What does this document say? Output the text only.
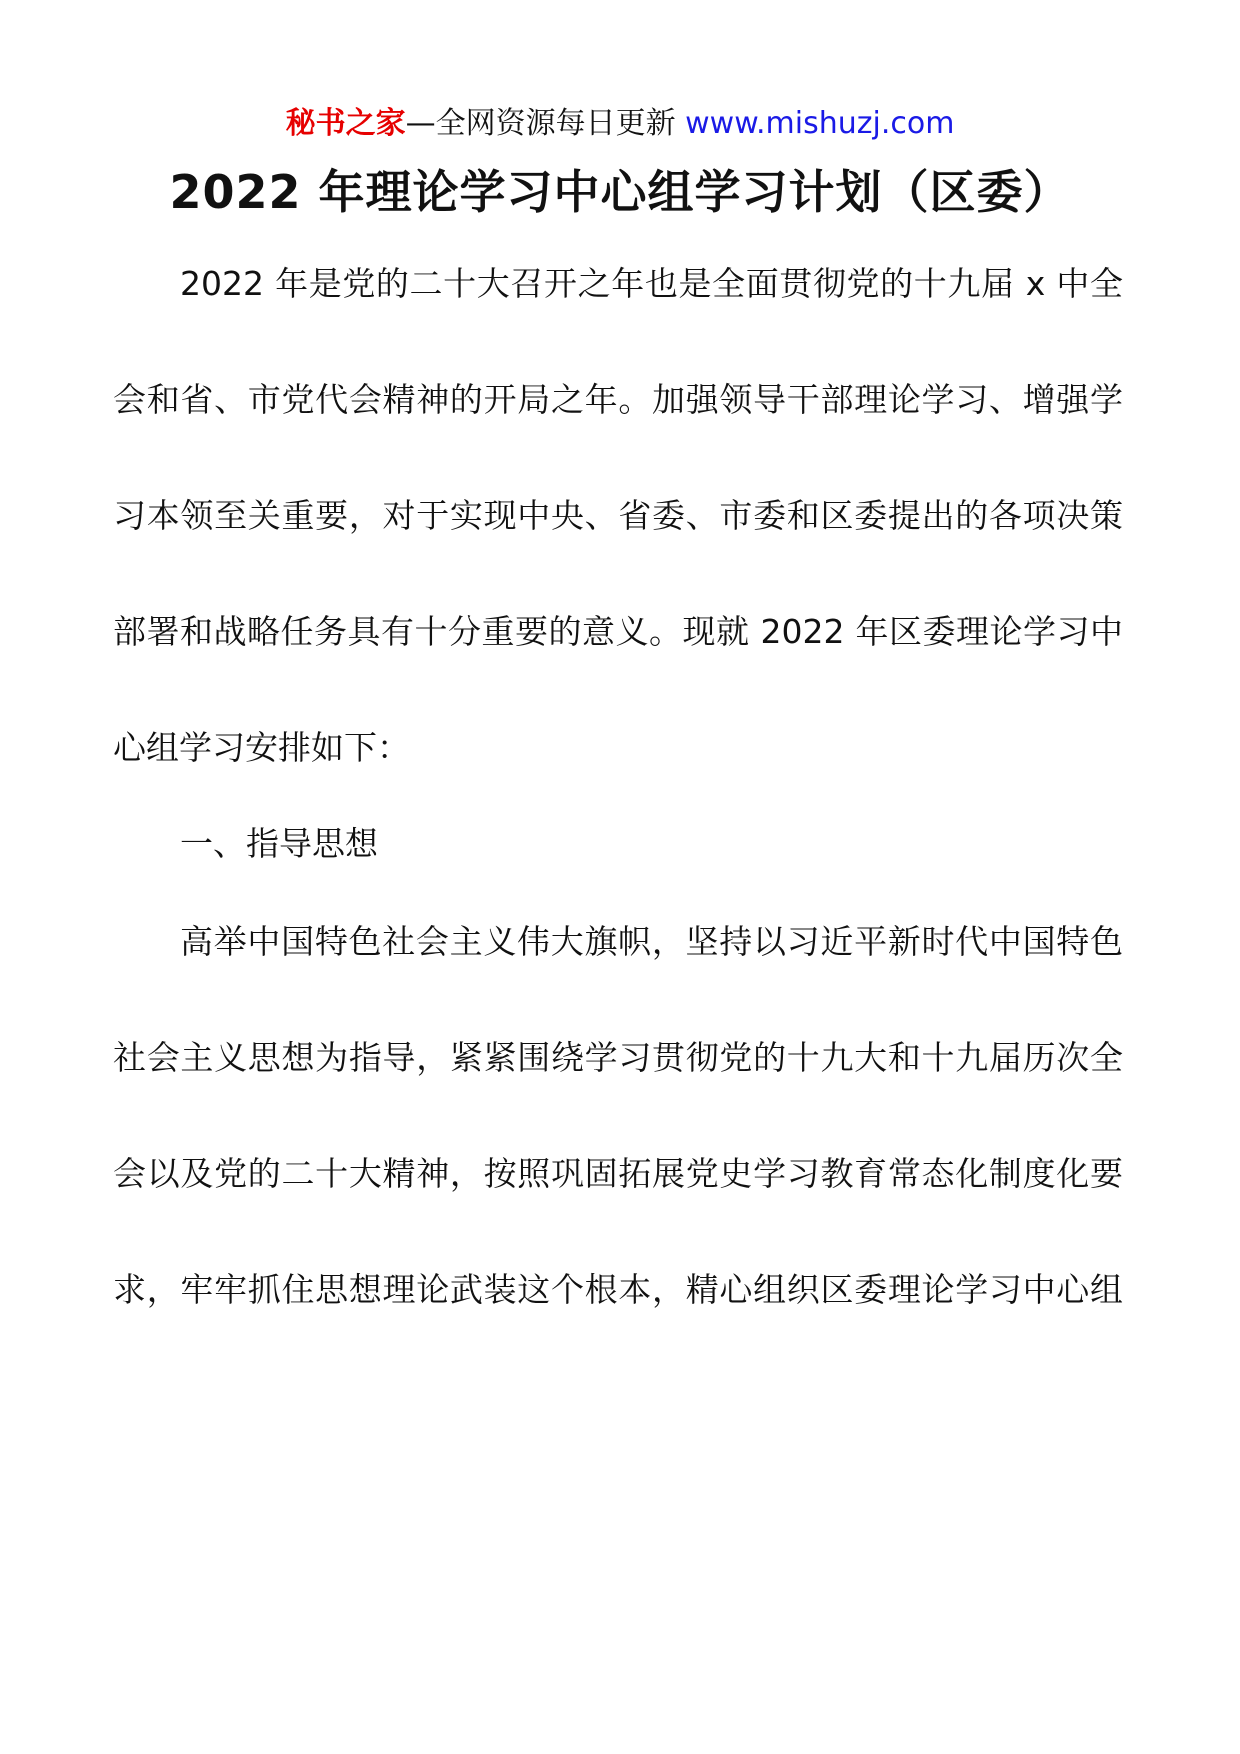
秘书之家—全网资源每日更新 www.mishuzj.com
2022 年理论学习中心组学习计划（区委）
2022 年是党的二十大召开之年也是全面贯彻党的十九届 x 中全
会和省、市党代会精神的开局之年。加强领导干部理论学习、增强学
习本领至关重要，对于实现中央、省委、市委和区委提出的各项决策
部署和战略任务具有十分重要的意义。现就 2022 年区委理论学习中
心组学习安排如下：
一、指导思想
高举中国特色社会主义伟大旗帜，坚持以习近平新时代中国特色
社会主义思想为指导，紧紧围绕学习贯彻党的十九大和十九届历次全
会以及党的二十大精神，按照巩固拓展党史学习教育常态化制度化要
求，牢牢抓住思想理论武装这个根本，精心组织区委理论学习中心组
